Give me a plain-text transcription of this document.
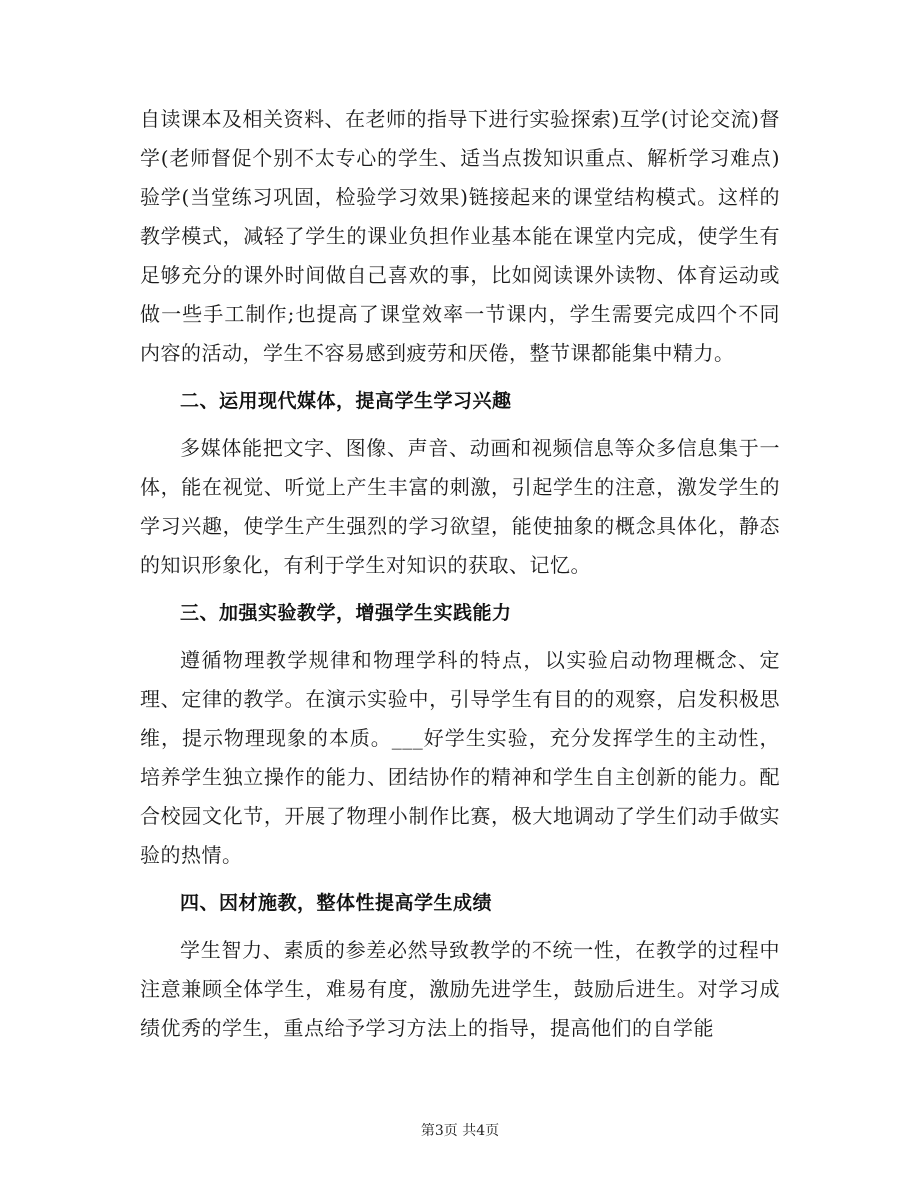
自读课本及相关资料、在老师的指导下进行实验探索)互学(讨论交流)督学(老师督促个别不太专心的学生、适当点拨知识重点、解析学习难点)验学(当堂练习巩固，检验学习效果)链接起来的课堂结构模式。这样的教学模式，减轻了学生的课业负担作业基本能在课堂内完成，使学生有足够充分的课外时间做自己喜欢的事，比如阅读课外读物、体育运动或做一些手工制作;也提高了课堂效率一节课内，学生需要完成四个不同内容的活动，学生不容易感到疲劳和厌倦，整节课都能集中精力。

二、运用现代媒体，提高学生学习兴趣

多媒体能把文字、图像、声音、动画和视频信息等众多信息集于一体，能在视觉、听觉上产生丰富的刺激，引起学生的注意，激发学生的学习兴趣，使学生产生强烈的学习欲望，能使抽象的概念具体化，静态的知识形象化，有利于学生对知识的获取、记忆。

三、加强实验教学，增强学生实践能力

遵循物理教学规律和物理学科的特点，以实验启动物理概念、定理、定律的教学。在演示实验中，引导学生有目的的观察，启发积极思维，提示物理现象的本质。___好学生实验，充分发挥学生的主动性，培养学生独立操作的能力、团结协作的精神和学生自主创新的能力。配合校园文化节，开展了物理小制作比赛，极大地调动了学生们动手做实验的热情。

四、因材施教，整体性提高学生成绩

学生智力、素质的参差必然导致教学的不统一性，在教学的过程中注意兼顾全体学生，难易有度，激励先进学生，鼓励后进生。对学习成绩优秀的学生，重点给予学习方法上的指导，提高他们的自学能

第3页 共4页
